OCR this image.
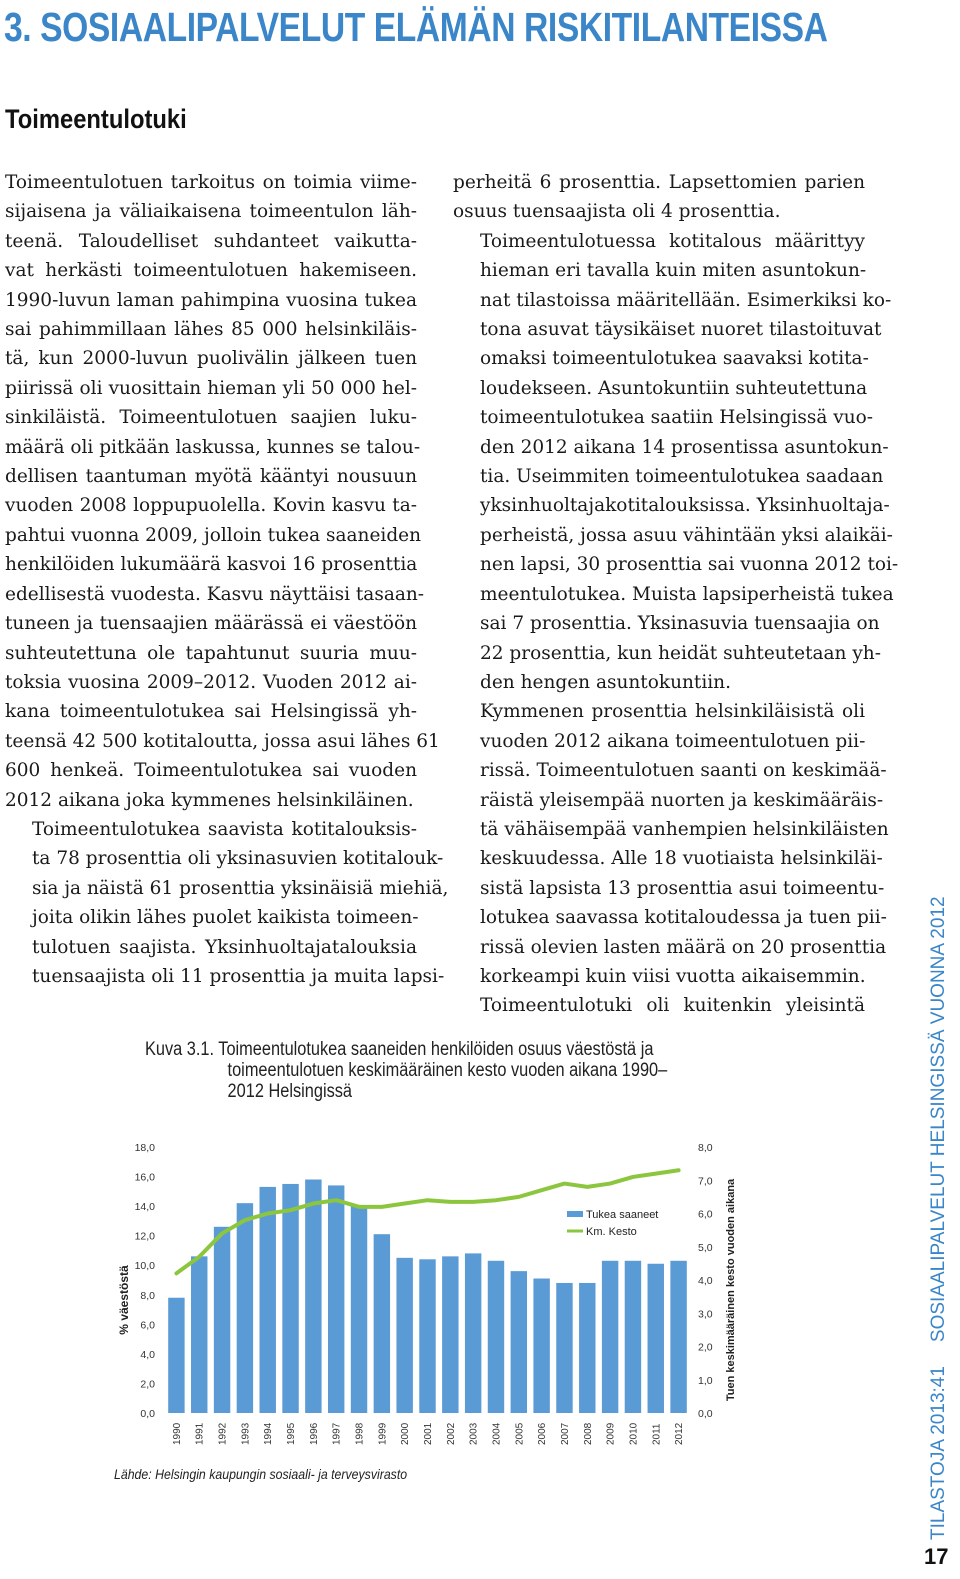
3. SOSIAALIPALVELUT ELÄMÄN RISKITILANTEISSA
Toimeentulotuki

Toimeentulotuen tarkoitus on toimia viime-
sijaisena ja väliaikaisena toimeentulon läh-
teenä. Taloudelliset suhdanteet vaikutta-
vat herkästi toimeentulotuen hakemiseen.
1990-luvun laman pahimpina vuosina tukea
sai pahimmillaan lähes 85 000 helsinkiläis-
tä, kun 2000-luvun puolivälin jälkeen tuen
piirissä oli vuosittain hieman yli 50 000 hel-
sinkiläistä. Toimeentulotuen saajien luku-
määrä oli pitkään laskussa, kunnes se talou-
dellisen taantuman myötä kääntyi nousuun
vuoden 2008 loppupuolella. Kovin kasvu ta-
pahtui vuonna 2009, jolloin tukea saaneiden
henkilöiden lukumäärä kasvoi 16 prosenttia
edellisestä vuodesta. Kasvu näyttäisi tasaan-
tuneen ja tuensaajien määrässä ei väestöön
suhteutettuna ole tapahtunut suuria muu-
toksia vuosina 2009–2012. Vuoden 2012 ai-
kana toimeentulotukea sai Helsingissä yh-
teensä 42 500 kotitaloutta, jossa asui lähes 61
600 henkeä. Toimeentulotukea sai vuoden
2012 aikana joka kymmenes helsinkiläinen.

Toimeentulotukea saavista kotitalouksis-
ta 78 prosenttia oli yksinasuvien kotitalouk-
sia ja näistä 61 prosenttia yksinäisiä miehiä,
joita olikin lähes puolet kaikista toimeen-
tulotuen saajista. Yksinhuoltajatalouksia
tuensaajista oli 11 prosenttia ja muita lapsi-

perheitä 6 prosenttia. Lapsettomien parien
osuus tuensaajista oli 4 prosenttia.

Toimeentulotuessa kotitalous määrittyy
hieman eri tavalla kuin miten asuntokun-
nat tilastoissa määritellään. Esimerkiksi ko-
tona asuvat täysikäiset nuoret tilastoituvat
omaksi toimeentulotukea saavaksi kotita-
loudekseen. Asuntokuntiin suhteutettuna
toimeentulotukea saatiin Helsingissä vuo-
den 2012 aikana 14 prosentissa asuntokun-
tia. Useimmiten toimeentulotukea saadaan
yksinhuoltajakotitalouksissa. Yksinhuoltaja-
perheistä, jossa asuu vähintään yksi alaikäi-
nen lapsi, 30 prosenttia sai vuonna 2012 toi-
meentulotukea. Muista lapsiperheistä tukea
sai 7 prosenttia. Yksinasuvia tuensaajia on
22 prosenttia, kun heidät suhteutetaan yh-
den hengen asuntokuntiin.

Kymmenen prosenttia helsinkiläisistä oli
vuoden 2012 aikana toimeentulotuen pii-
rissä. Toimeentulotuen saanti on keskimää-
räistä yleisempää nuorten ja keskimääräis-
tä vähäisempää vanhempien helsinkiläisten
keskuudessa. Alle 18 vuotiaista helsinkiläi-
sistä lapsista 13 prosenttia asui toimeentu-
lotukea saavassa kotitaloudessa ja tuen pii-
rissä olevien lasten määrä on 20 prosenttia
korkeampi kuin viisi vuotta aikaisemmin.
Toimeentulotuki oli kuitenkin yleisintä

Kuva 3.1. Toimeentulotukea saaneiden henkilöiden osuus väestöstä ja
toimeentulotuen keskimääräinen kesto vuoden aikana 1990–
2012 Helsingissä
0,0
2,0
4,0
6,0
8,0
10,0
12,0
14,0
16,0
18,0
0,0
1,0
2,0
3,0
4,0
5,0
6,0
7,0
8,0
1990 1991 1992 1993 1994 1995 1996 1997 1998 1999 2000 2001 2002 2003 2004 2005 2006 2007 2008 2009 2010 2011 2012
% väestöstä	Tuen keskimääräinen kesto vuoden aikana
Tukea saaneet
Km. Kesto
Lähde: Helsingin kaupungin sosiaali- ja terveysvirasto	TILASTOJA 2013:41SOSIAALIPALVELUT HELSINGISSÄ VUONNA 2012
17
